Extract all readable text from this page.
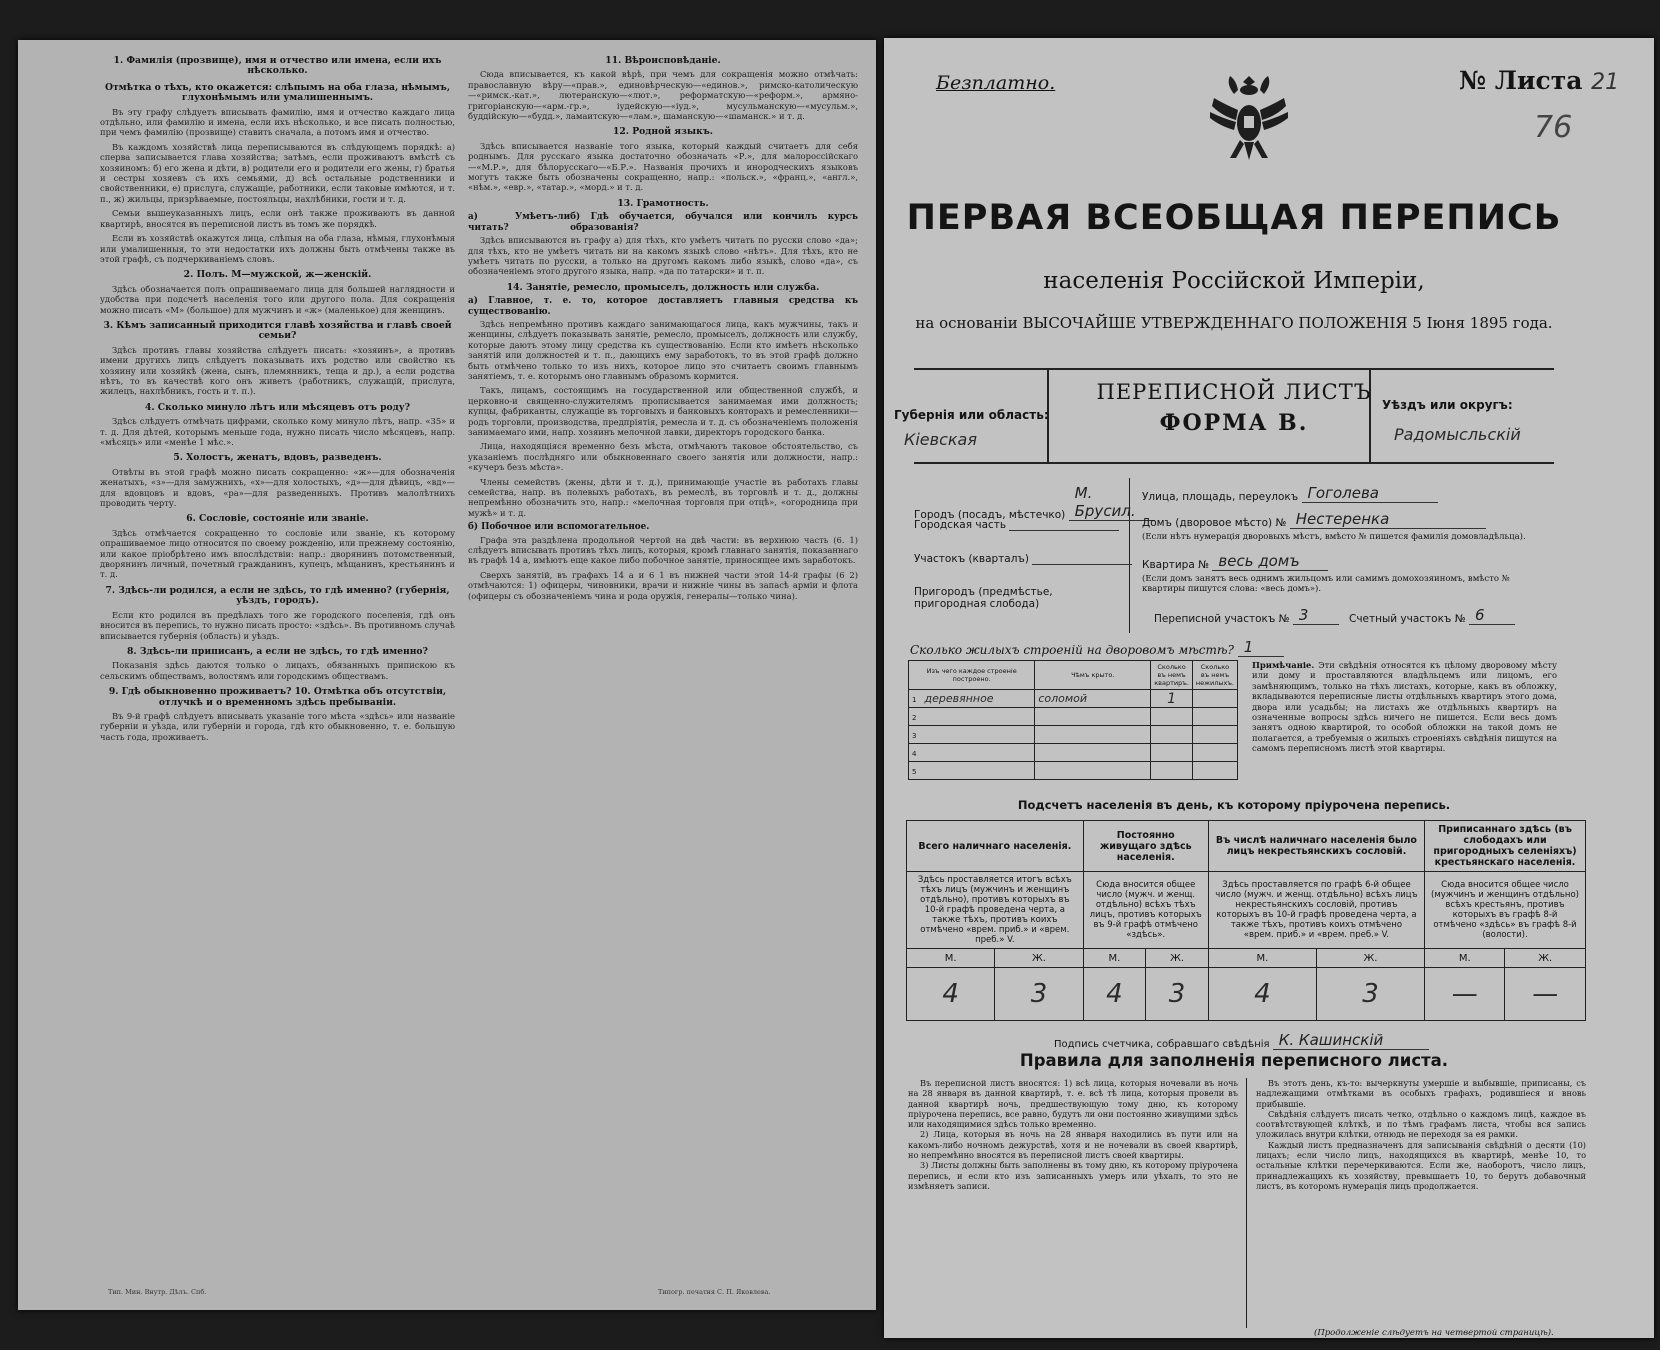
1. Фамилія (прозвище), имя и отчество или имена, если ихъ нѣсколько.
Отмѣтка о тѣхъ, кто окажется: слѣпымъ на оба глаза, нѣмымъ, глухонѣмымъ или умалишеннымъ.

Въ эту графу слѣдуетъ вписывать фамилію, имя и отчество каждаго лица отдѣльно, или фамилію и имена, если ихъ нѣсколько, и все писать полностью, при чемъ фамилію (прозвище) ставить сначала, а потомъ имя и отчество.

Въ каждомъ хозяйствѣ лица переписываются въ слѣдующемъ порядкѣ: а) сперва записывается глава хозяйства; затѣмъ, если проживаютъ вмѣстѣ съ хозяиномъ: б) его жена и дѣти, в) родители его и родители его жены, г) братья и сестры хозяевъ съ ихъ семьями, д) всѣ остальные родственники и свойственники, е) прислуга, служащіе, работники, если таковые имѣются, и т. п., ж) жильцы, призрѣваемые, постояльцы, нахлѣбники, гости и т. д.

Семьи вышеуказанныхъ лицъ, если онѣ также проживаютъ въ данной квартирѣ, вносятся въ переписной листъ въ томъ же порядкѣ.

Если въ хозяйствѣ окажутся лица, слѣпыя на оба глаза, нѣмыя, глухонѣмыя или умалишенныя, то эти недостатки ихъ должны быть отмѣчены также въ этой графѣ, съ подчеркиваніемъ словъ.

2. Полъ. М—мужской, ж—женскій.

Здѣсь обозначается полъ опрашиваемаго лица для большей наглядности и удобства при подсчетѣ населенія того или другого пола. Для сокращенія можно писать «М» (большое) для мужчинъ и «ж» (маленькое) для женщинъ.

3. Кѣмъ записанный приходится главѣ хозяйства и главѣ своей семьи?

Здѣсь противъ главы хозяйства слѣдуетъ писать: «хозяинъ», а противъ имени другихъ лицъ слѣдуетъ показывать ихъ родство или свойство къ хозяину или хозяйкѣ (жена, сынъ, племянникъ, теща и др.), а если родства нѣтъ, то въ качествѣ кого онъ живетъ (работникъ, служащій, прислуга, жилецъ, нахлѣбникъ, гость и т. п.).

4. Сколько минуло лѣтъ или мѣсяцевъ отъ роду?

Здѣсь слѣдуетъ отмѣчать цифрами, сколько кому минуло лѣтъ, напр. «35» и т. д. Для дѣтей, которымъ меньше года, нужно писать число мѣсяцевъ, напр. «мѣсяцъ» или «менѣе 1 мѣс.».

5. Холостъ, женатъ, вдовъ, разведенъ.

Отвѣты въ этой графѣ можно писать сокращенно: «ж»—для обозначенія женатыхъ, «з»—для замужнихъ, «х»—для холостыхъ, «д»—для дѣвицъ, «вд»—для вдовцовъ и вдовъ, «ра»—для разведенныхъ. Противъ малолѣтнихъ проводить черту.

6. Сословіе, состояніе или званіе.

Здѣсь отмѣчается сокращенно то сословіе или званіе, къ которому опрашиваемое лицо относится по своему рожденію, или прежнему состоянію, или какое пріобрѣтено имъ впослѣдствіи: напр.: дворянинъ потомственный, дворянинъ личный, почетный гражданинъ, купецъ, мѣщанинъ, крестьянинъ и т. д.

7. Здѣсь-ли родился, а если не здѣсь, то гдѣ именно? (губернія, уѣздъ, городъ).

Если кто родился въ предѣлахъ того же городского поселенія, гдѣ онъ вносится въ перепись, то нужно писать просто: «здѣсь». Въ противномъ случаѣ вписывается губернія (область) и уѣздъ.

8. Здѣсь-ли приписанъ, а если не здѣсь, то гдѣ именно?

Показанія здѣсь даются только о лицахъ, обязанныхъ припискою къ сельскимъ обществамъ, волостямъ или городскимъ обществамъ.

9. Гдѣ обыкновенно проживаетъ? 10. Отмѣтка объ отсутствіи, отлучкѣ и о временномъ здѣсь пребываніи.

Въ 9-й графѣ слѣдуетъ вписывать указаніе того мѣста «здѣсь» или названіе губерніи и уѣзда, или губерніи и города, гдѣ кто обыкновенно, т. е. большую часть года, проживаетъ.

11. Вѣроисповѣданіе.

Сюда вписывается, къ какой вѣрѣ, при чемъ для сокращенія можно отмѣчать: православную вѣру—«прав.», единовѣрческую—«единов.», римско-католическую—«римск.-кат.», лютеранскую—«лют.», реформатскую—«реформ.», армяно-григоріанскую—«арм.-гр.», іудейскую—«іуд.», мусульманскую—«мусульм.», буддійскую—«будд.», ламаитскую—«лам.», шаманскую—«шаманск.» и т. д.

12. Родной языкъ.

Здѣсь вписывается названіе того языка, который каждый считаетъ для себя роднымъ. Для русскаго языка достаточно обозначать «Р.», для малороссійскаго—«М.Р.», для бѣлорусскаго—«Б.Р.». Названія прочихъ и инородческихъ языковъ могутъ также быть обозначены сокращенно, напр.: «польск.», «франц.», «англ.», «нѣм.», «евр.», «татар.», «морд.» и т. д.

13. Грамотность.
а) Умѣетъ-ли читать?
б) Гдѣ обучается, обучался или кончилъ курсъ образованія?

Здѣсь вписываются въ графу а) для тѣхъ, кто умѣетъ читать по русски слово «да»; для тѣхъ, кто не умѣетъ читать ни на какомъ языкѣ слово «нѣтъ». Для тѣхъ, кто не умѣетъ читать по русски, а только на другомъ какомъ либо языкѣ, слово «да», съ обозначеніемъ этого другого языка, напр. «да по татарски» и т. п.

14. Занятіе, ремесло, промыселъ, должность или служба.
а) Главное, т. е. то, которое доставляетъ главныя средства къ существованію.

Здѣсь непремѣнно противъ каждаго занимающагося лица, какъ мужчины, такъ и женщины, слѣдуетъ показывать занятіе, ремесло, промыселъ, должность или службу, которые даютъ этому лицу средства къ существованію. Если кто имѣетъ нѣсколько занятій или должностей и т. п., дающихъ ему заработокъ, то въ этой графѣ должно быть отмѣчено только то изъ нихъ, которое лицо это считаетъ своимъ главнымъ занятіемъ, т. е. которымъ оно главнымъ образомъ кормится.

Такъ, лицамъ, состоящимъ на государственной или общественной службѣ, и церковно-и священно-служителямъ прописывается занимаемая ими должность; купцы, фабриканты, служащіе въ торговыхъ и банковыхъ конторахъ и ремесленники—родъ торговли, производства, предпріятія, ремесла и т. д. съ обозначеніемъ положенія занимаемаго ими, напр. хозяинъ мелочной лавки, директоръ городского банка.

Лица, находящіяся временно безъ мѣста, отмѣчаютъ таковое обстоятельство, съ указаніемъ послѣдняго или обыкновеннаго своего занятія или должности, напр.: «кучеръ безъ мѣста».

Члены семействъ (жены, дѣти и т. д.), принимающіе участіе въ работахъ главы семейства, напр. въ полевыхъ работахъ, въ ремеслѣ, въ торговлѣ и т. д., должны непремѣнно обозначить это, напр.: «мелочная торговля при отцѣ», «огородница при мужѣ» и т. д.

б) Побочное или вспомогательное.

Графа эта раздѣлена продольной чертой на двѣ части: въ верхнюю часть (6. 1) слѣдуетъ вписывать противъ тѣхъ лицъ, которыя, кромѣ главнаго занятія, показаннаго въ графѣ 14 а, имѣютъ еще какое либо побочное занятіе, приносящее имъ заработокъ.

Сверхъ занятій, въ графахъ 14 а и 6 1 въ нижней части этой 14-й графы (6 2) отмѣчаются: 1) офицеры, чиновники, врачи и нижніе чины въ запасѣ арміи и флота (офицеры съ обозначеніемъ чина и рода оружія, генералы—только чина).

Тип. Мин. Внутр. Дѣлъ. Спб.	Типогр. печатня С. П. Яковлева.
Безплатно.	№ Листа 21
76
ПЕРВАЯ ВСЕОБЩАЯ ПЕРЕПИСЬ
населенія Россійской Имперіи,
на основаніи ВЫСОЧАЙШЕ УТВЕРЖДЕННАГО ПОЛОЖЕНІЯ 5 Іюня 1895 года.
ПЕРЕПИСНОЙ ЛИСТЪ
ФОРМА В.
Губернія или область:
Кіевская
Уѣздъ или округъ:
Радомысльскій
Городъ (посадъ, мѣстечко) М. Брусил.
Городская часть
Участокъ (кварталъ)
Пригородъ (предмѣстье, пригородная слобода)
Улица, площадь, переулокъ Гоголева
Домъ (дворовое мѣсто) № Нестеренка
(Если нѣтъ нумерація дворовыхъ мѣстъ, вмѣсто № пишется фамилія домовладѣльца).
Квартира № весь домъ
(Если домъ занятъ весь однимъ жильцомъ или самимъ домохозяиномъ, вмѣсто № квартиры пишутся слова: «весь домъ»).
Переписной участокъ № 3	Счетный участокъ № 6
Сколько жилыхъ строеній на дворовомъ мѣстѣ? 1
Изъ чего каждое строеніе построено.	Чѣмъ крыто.	Сколько въ немъ квартиръ.	Сколько въ немъ нежилыхъ.
1 деревянное	соломой	1	
2			
3			
4			
5			
Примѣчаніе. Эти свѣдѣнія относятся къ цѣлому дворовому мѣсту или дому и проставляются владѣльцемъ или лицомъ, его замѣняющимъ, только на тѣхъ листахъ, которые, какъ въ обложку, вкладываются переписные листы отдѣльныхъ квартиръ этого дома, двора или усадьбы; на листахъ же отдѣльныхъ квартиръ на означенные вопросы здѣсь ничего не пишется. Если весь домъ занятъ одною квартирой, то особой обложки на такой домъ не полагается, а требуемыя о жилыхъ строеніяхъ свѣдѣнія пишутся на самомъ переписномъ листѣ этой квартиры.
Подсчетъ населенія въ день, къ которому пріурочена перепись.
Всего наличнаго населенія.		Постоянно живущаго здѣсь населенія.		Въ числѣ наличнаго населенія было лицъ некрестьянскихъ сословій.		Приписаннаго здѣсь (въ слободахъ или пригородныхъ селеніяхъ) крестьянскаго населенія.	
Здѣсь проставляется итогъ всѣхъ тѣхъ лицъ (мужчинъ и женщинъ отдѣльно), противъ которыхъ въ 10-й графѣ проведена черта, а также тѣхъ, противъ коихъ отмѣчено «врем. приб.» и «врем. преб.» V.		Сюда вносится общее число (мужч. и женщ. отдѣльно) всѣхъ тѣхъ лицъ, противъ которыхъ въ 9-й графѣ отмѣчено «здѣсь».		Здѣсь проставляется по графѣ 6-й общее число (мужч. и женщ. отдѣльно) всѣхъ лицъ некрестьянскихъ сословій, противъ которыхъ въ 10-й графѣ проведена черта, а также тѣхъ, противъ коихъ отмѣчено «врем. приб.» и «врем. преб.» V.		Сюда вносится общее число (мужчинъ и женщинъ отдѣльно) всѣхъ крестьянъ, противъ которыхъ въ графѣ 8-й отмѣчено «здѣсь» въ графѣ 8-й (волости).	
М.	Ж.	М.	Ж.	М.	Ж.	М.	Ж.
4	3	4	3	4	3	—	—
Подпись счетчика, собравшаго свѣдѣнія К. Кашинскій
Правила для заполненія переписного листа.

Въ переписной листъ вносятся: 1) всѣ лица, которыя ночевали въ ночь на 28 января въ данной квартирѣ, т. е. всѣ тѣ лица, которыя провели въ данной квартирѣ ночь, предшествующую тому дню, къ которому пріурочена перепись, все равно, будутъ ли они постоянно живущими здѣсь или находящимися здѣсь только временно.

2) Лица, которыя въ ночь на 28 января находились въ пути или на какомъ-либо ночномъ дежурствѣ, хотя и не ночевали въ своей квартирѣ, но непремѣнно вносятся въ переписной листъ своей квартиры.

3) Листы должны быть заполнены въ тому дню, къ которому пріурочена перепись, и если кто изъ записанныхъ умеръ или уѣхалъ, то это не измѣняетъ записи.

Въ этотъ день, къ-то: вычеркнуты умершіе и выбывшіе, приписаны, съ надлежащими отмѣтками въ особыхъ графахъ, родившіеся и вновь прибывшіе.

Свѣдѣнія слѣдуетъ писать четко, отдѣльно о каждомъ лицѣ, каждое въ соотвѣтствующей клѣткѣ, и по тѣмъ графамъ листа, чтобы вся запись уложилась внутри клѣтки, отнюдь не переходя за ея рамки.

Каждый листъ предназначенъ для записыванія свѣдѣній о десяти (10) лицахъ; если число лицъ, находящихся въ квартирѣ, менѣе 10, то остальные клѣтки перечеркиваются. Если же, наоборотъ, число лицъ, принадлежащихъ къ хозяйству, превышаетъ 10, то берутъ добавочный листъ, въ которомъ нумерація лицъ продолжается.

(Продолженіе слѣдуетъ на четвертой страницѣ).
